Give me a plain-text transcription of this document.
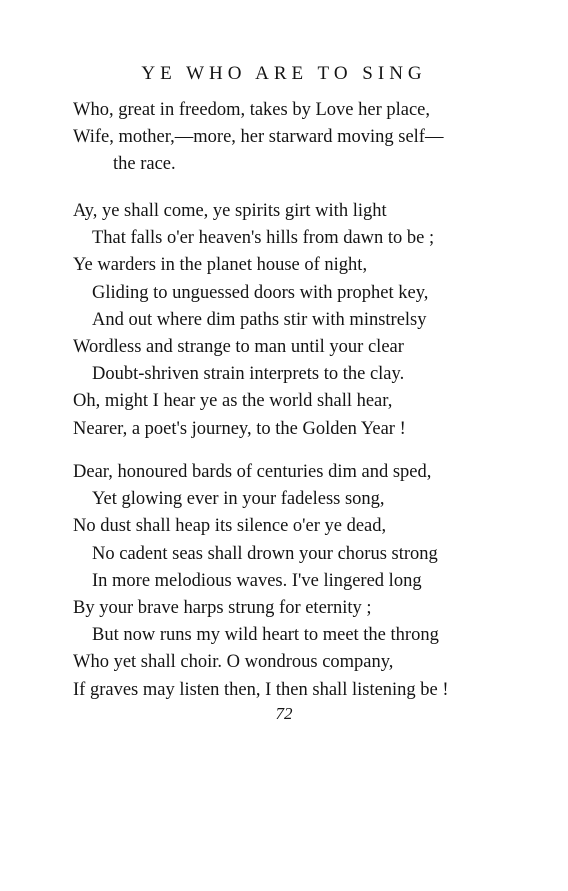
YE WHO ARE TO SING
Who, great in freedom, takes by Love her place,
Wife, mother,—more, her starward moving self—
the race.
Ay, ye shall come, ye spirits girt with light
That falls o'er heaven's hills from dawn to be ;
Ye warders in the planet house of night,
Gliding to unguessed doors with prophet key,
And out where dim paths stir with minstrelsy
Wordless and strange to man until your clear
Doubt-shriven strain interprets to the clay.
Oh, might I hear ye as the world shall hear,
Nearer, a poet's journey, to the Golden Year !
Dear, honoured bards of centuries dim and sped,
Yet glowing ever in your fadeless song,
No dust shall heap its silence o'er ye dead,
No cadent seas shall drown your chorus strong
In more melodious waves. I've lingered long
By your brave harps strung for eternity ;
But now runs my wild heart to meet the throng
Who yet shall choir. O wondrous company,
If graves may listen then, I then shall listening be !
72
